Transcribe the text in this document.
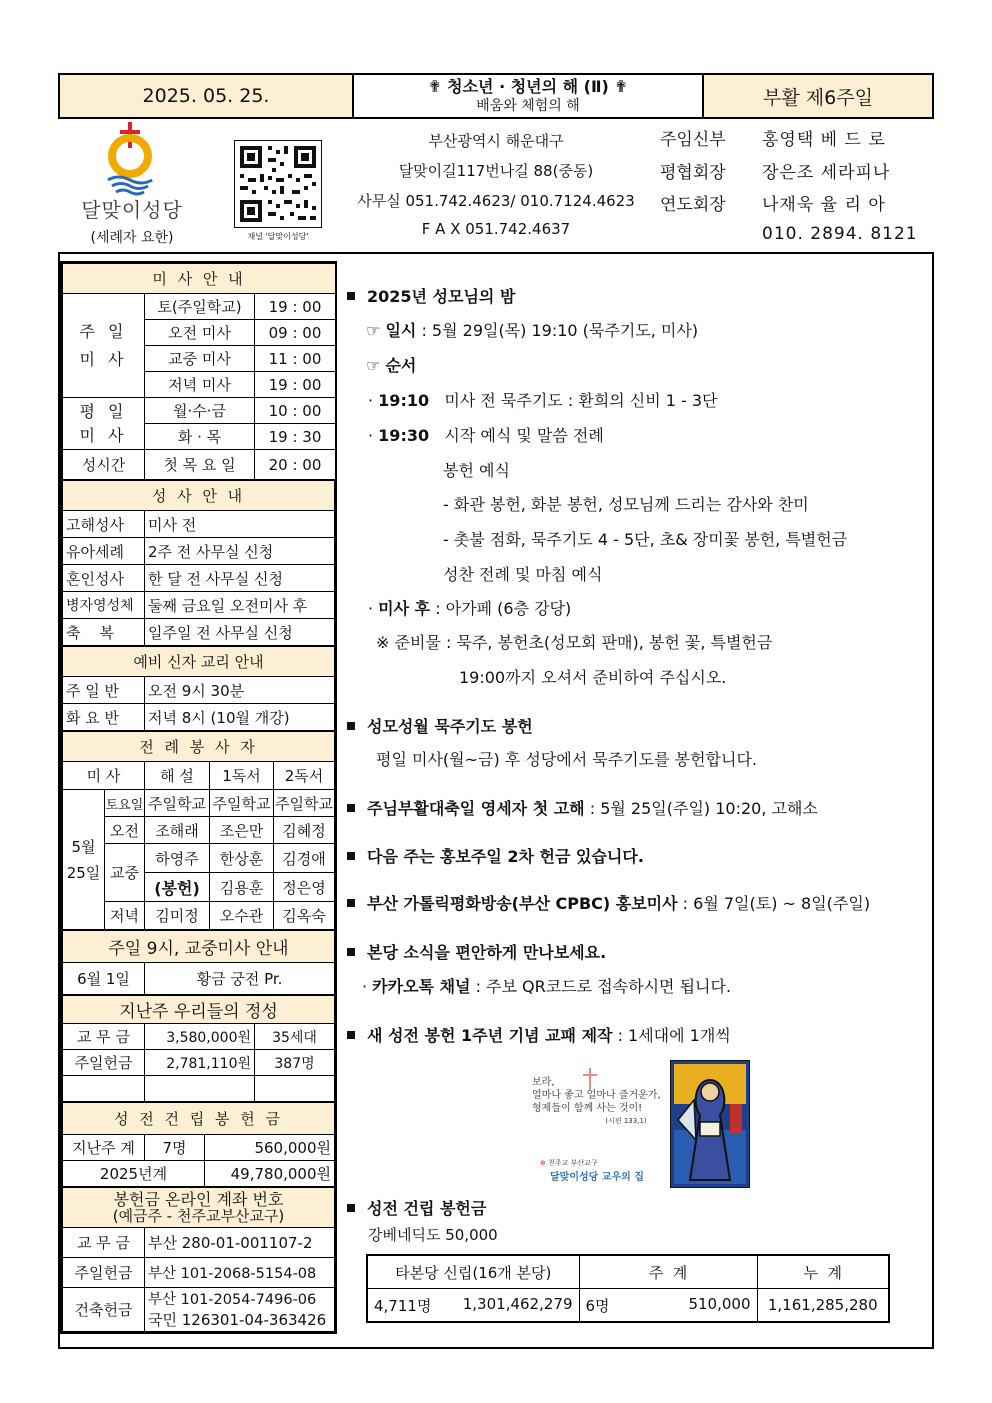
2025. 05. 25.	✟ 청소년 · 청년의 해 (Ⅱ) ✟
배움와 체험의 해	부활 제6주일
달맞이성당
(세례자 요한)	채널 '달맞이성당'
부산광역시 해운대구
달맞이길117번나길 88(중동)
사무실 051.742.4623/ 010.7124.4623
F A X 051.742.4637
주임신부 홍영택 베 드 로
평협회장 장은조 세라피나
연도회장 나재욱 율 리 아
010. 2894. 8121
미 사 안 내		
주 일
미 사	토(주일학교)	19 : 00
	오전 미사	09 : 00
	교중 미사	11 : 00
	저녁 미사	19 : 00
평 일
미 사	월·수·금	10 : 00
	화 · 목	19 : 30
성시간	첫 목 요 일	20 : 00
성 사 안 내	
고해성사	미사 전
유아세례	2주 전 사무실 신청
혼인성사	한 달 전 사무실 신청
병자영성체	둘째 금요일 오전미사 후
축    복	일주일 전 사무실 신청
예비 신자 교리 안내	
주 일 반	오전 9시 30분
화 요 반	저녁 8시 (10월 개강)
전 례 봉 사 자				
미 사		해 설	1독서	2독서
5월
25일	토요일	주일학교	주일학교	주일학교
	오전	조해래	조은만	김혜정
	교중	하영주	한상훈	김경애
		(봉헌)	김용훈	정은영
	저녁	김미정	오수관	김옥숙
주일 9시, 교중미사 안내
6월 1일	황금 궁전 Pr.
지난주 우리들의 정성		
교 무 금	3,580,000원	35세대
주일헌금	2,781,110원	387명

성 전 건 립 봉 헌 금		
지난주 계	7명	560,000원
2025년계		49,780,000원
봉헌금 온라인 계좌 번호
(예금주 - 천주교부산교구)	

교 무 금	부산 280-01-001107-2
주일헌금	부산 101-2068-5154-08
건축헌금	부산 101-2054-7496-06
국민 126301-04-363426
2025년 성모님의 밤
☞ 일시 : 5월 29일(목) 19:10 (묵주기도, 미사)
☞ 순서
· 19:10 미사 전 묵주기도 : 환희의 신비 1 - 3단
· 19:30 시작 예식 및 말씀 전례
봉헌 예식
- 화관 봉헌, 화분 봉헌, 성모님께 드리는 감사와 찬미
- 촛불 점화, 묵주기도 4 - 5단, 초& 장미꽃 봉헌, 특별헌금
성찬 전례 및 마침 예식
· 미사 후 : 아가페 (6층 강당)
※ 준비물 : 묵주, 봉헌초(성모회 판매), 봉헌 꽃, 특별헌금
19:00까지 오셔서 준비하여 주십시오.
성모성월 묵주기도 봉헌
평일 미사(월~금) 후 성당에서 묵주기도를 봉헌합니다.
주님부활대축일 영세자 첫 고해 : 5월 25일(주일) 10:20, 고해소
다음 주는 홍보주일 2차 헌금 있습니다.
부산 가톨릭평화방송(부산 CPBC) 홍보미사 : 6월 7일(토) ~ 8일(주일)
본당 소식을 편안하게 만나보세요.
· 카카오톡 채널 : 주보 QR코드로 접속하시면 됩니다.
새 성전 봉헌 1주년 기념 교패 제작 : 1세대에 1개씩
보라,
얼마나 좋고 얼마나 즐거운가,
형제들이 함께 사는 것이!
(시편 133,1)
⊕ 천주교 부산교구
달맞이성당 교우의 집
성전 건립 봉헌금
강베네딕도 50,000
타본당 신립(16개 본당)	주  계	누  계
4,711명 1,301,462,279	6명 510,000	1,161,285,280
